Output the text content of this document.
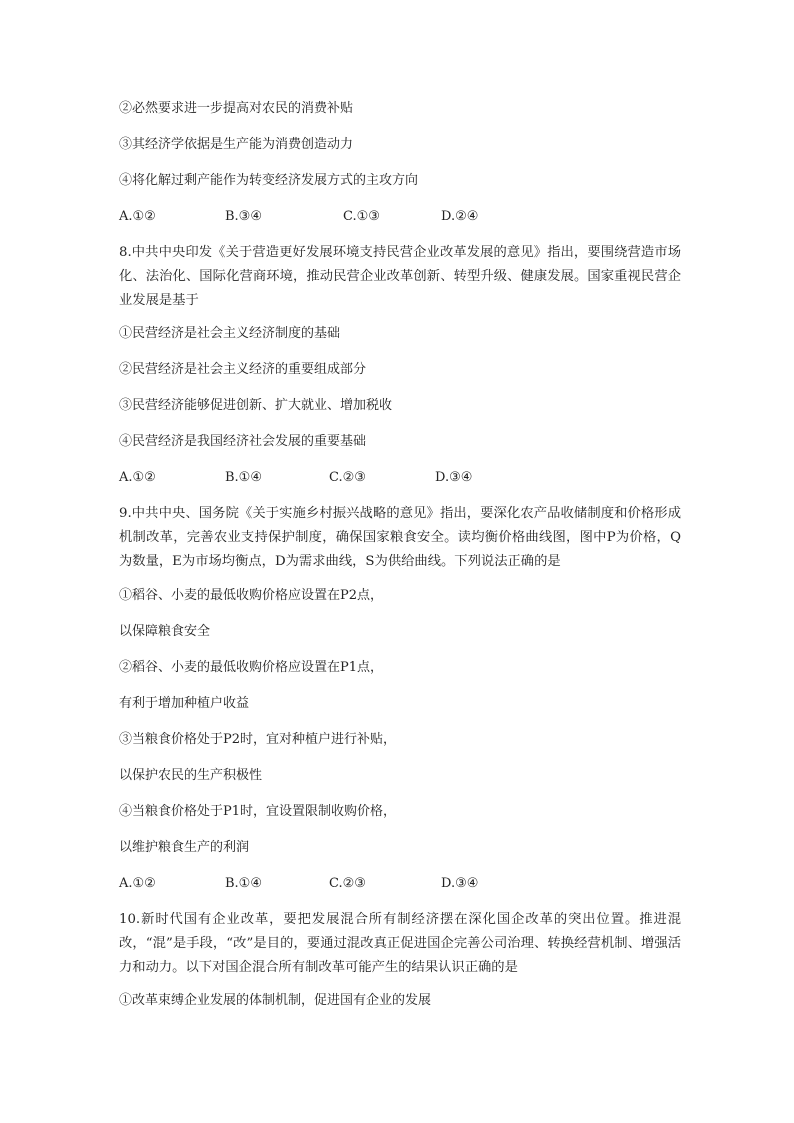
②必然要求进一步提高对农民的消费补贴
③其经济学依据是生产能为消费创造动力
④将化解过剩产能作为转变经济发展方式的主攻方向
A.①②	B.③④	C.①③	D.②④
8.中共中央印发《关于营造更好发展环境支持民营企业改革发展的意见》指出，要围绕营造市场化、法治化、国际化营商环境，推动民营企业改革创新、转型升级、健康发展。国家重视民营企业发展是基于
①民营经济是社会主义经济制度的基础
②民营经济是社会主义经济的重要组成部分
③民营经济能够促进创新、扩大就业、增加税收
④民营经济是我国经济社会发展的重要基础
A.①②	B.①④	C.②③	D.③④
9.中共中央、国务院《关于实施乡村振兴战略的意见》指出，要深化农产品收储制度和价格形成机制改革，完善农业支持保护制度，确保国家粮食安全。读均衡价格曲线图，图中P为价格，Q为数量，E为市场均衡点，D为需求曲线，S为供给曲线。下列说法正确的是
①稻谷、小麦的最低收购价格应设置在P2点，
以保障粮食安全
②稻谷、小麦的最低收购价格应设置在P1点，
有利于增加种植户收益
③当粮食价格处于P2时，宜对种植户进行补贴，
以保护农民的生产积极性
④当粮食价格处于P1时，宜设置限制收购价格，
以维护粮食生产的利润
A.①②	B.①④	C.②③	D.③④
10.新时代国有企业改革，要把发展混合所有制经济摆在深化国企改革的突出位置。推进混改，“混”是手段，“改”是目的，要通过混改真正促进国企完善公司治理、转换经营机制、增强活力和动力。以下对国企混合所有制改革可能产生的结果认识正确的是
①改革束缚企业发展的体制机制，促进国有企业的发展
